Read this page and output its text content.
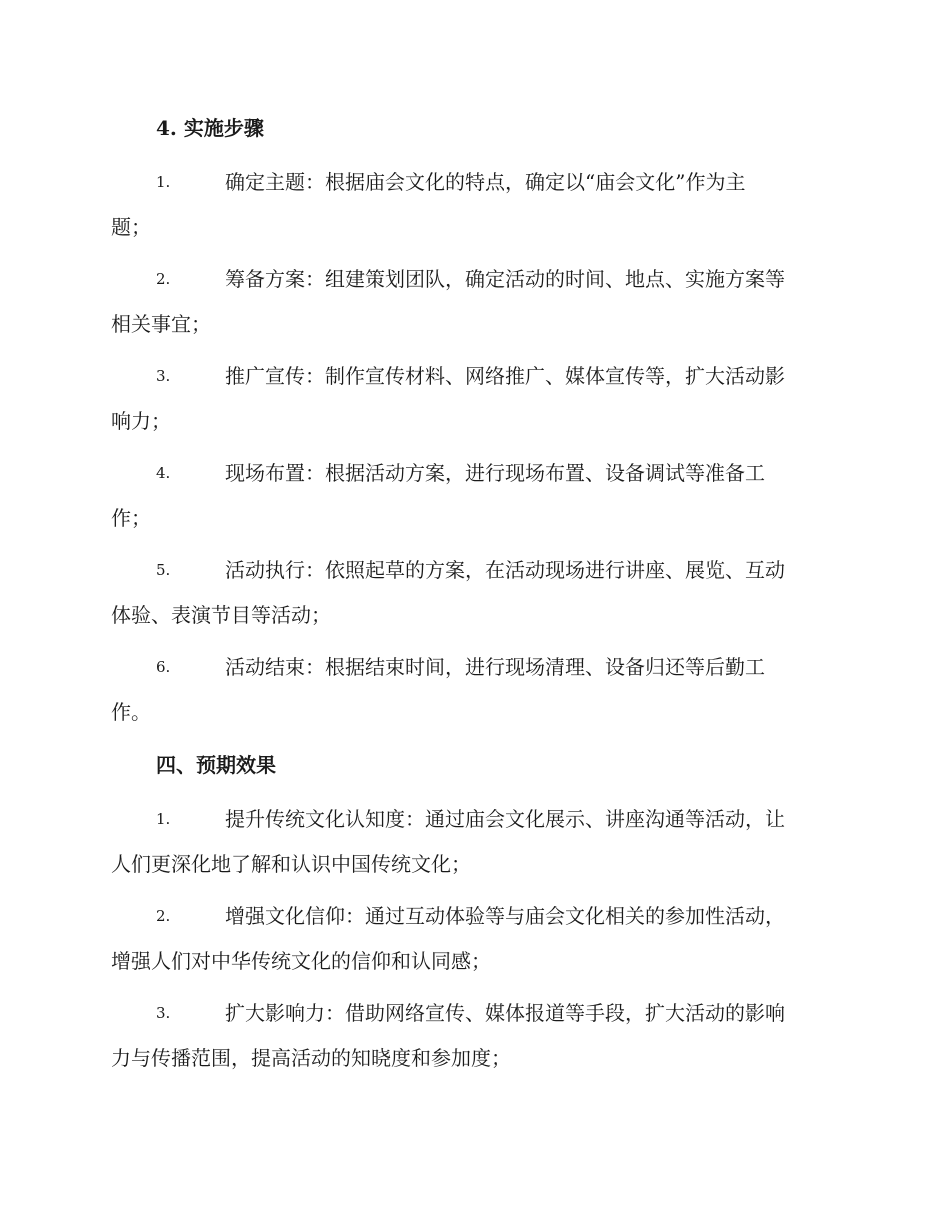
4. 实施步骤
1.	确定主题：根据庙会文化的特点，确定以“庙会文化”作为主
题；
2.	筹备方案：组建策划团队，确定活动的时间、地点、实施方案等
相关事宜；
3.	推广宣传：制作宣传材料、网络推广、媒体宣传等，扩大活动影
响力；
4.	现场布置：根据活动方案，进行现场布置、设备调试等准备工
作；
5.	活动执行：依照起草的方案，在活动现场进行讲座、展览、互动
体验、表演节目等活动；
6.	活动结束：根据结束时间，进行现场清理、设备归还等后勤工
作。
四、预期效果
1.	提升传统文化认知度：通过庙会文化展示、讲座沟通等活动，让
人们更深化地了解和认识中国传统文化；
2.	增强文化信仰：通过互动体验等与庙会文化相关的参加性活动，
增强人们对中华传统文化的信仰和认同感；
3.	扩大影响力：借助网络宣传、媒体报道等手段，扩大活动的影响
力与传播范围，提高活动的知晓度和参加度；
